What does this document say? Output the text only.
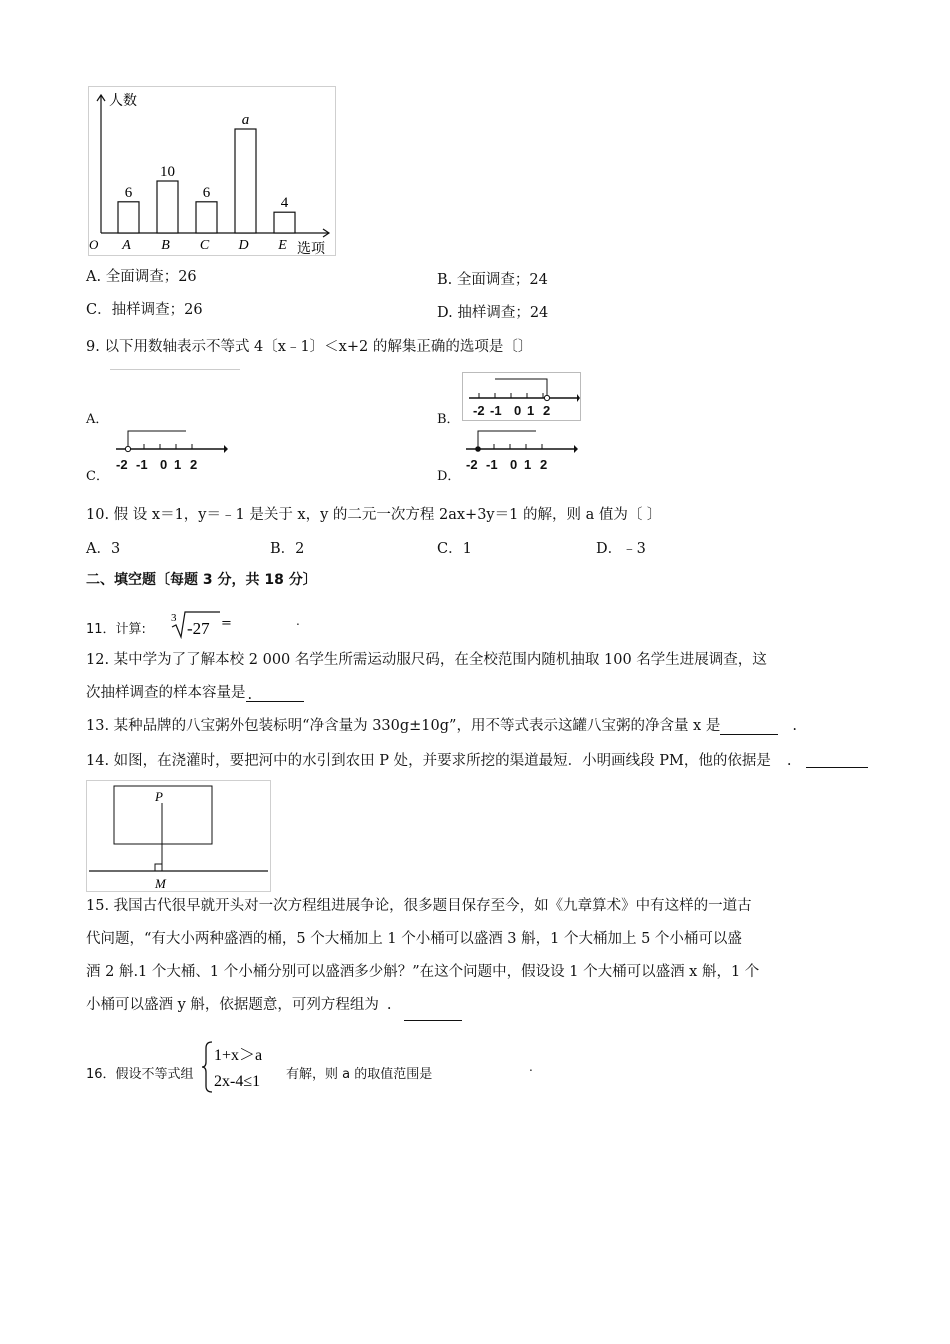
人数
选项
O
6
A
10
B
6
C
a
D
4
E
A. 全面调查；26	B. 全面调查；24
C．抽样调查；26	D. 抽样调查；24
9. 以下用数轴表示不等式 4〔x﹣1〕＜x+2 的解集正确的选项是〔〕
A．	B．
-2 -1 0 1 2
C．
-2 -1 0 1 2
D．
-2 -1 0 1 2
10. 假 设 x＝1，y＝﹣1 是关于 x，y 的二元一次方程 2ax+3y＝1 的解，则 a 值为〔 〕
A．3	B．2	C．1	D．﹣3
二、填空题〔每题 3 分，共 18 分〕
11．计算:
3
-27 =	.
12. 某中学为了了解本校 2 000 名学生所需运动服尺码，在全校范围内随机抽取 100 名学生进展调查，这
次抽样调查的样本容量是 .
13. 某种品牌的八宝粥外包装标明“净含量为 330g±10g”，用不等式表示这罐八宝粥的净含量 x 是	.
14. 如图，在浇灌时，要把河中的水引到农田 P 处，并要求所挖的渠道最短．小明画线段 PM，他的依据是 .
P
M
15. 我国古代很早就开头对一次方程组进展争论，很多题目保存至今，如《九章算术》中有这样的一道古
代问题，“有大小两种盛酒的桶，5 个大桶加上 1 个小桶可以盛酒 3 斛，1 个大桶加上 5 个小桶可以盛
酒 2 斛.1 个大桶、1 个小桶分别可以盛酒多少斛？”在这个问题中，假设设 1 个大桶可以盛酒 x 斛，1 个
小桶可以盛酒 y 斛，依据题意，可列方程组为 .
16．假设不等式组
1+x＞a
2x-4≤1 有解，则 a 的取值范围是	.
